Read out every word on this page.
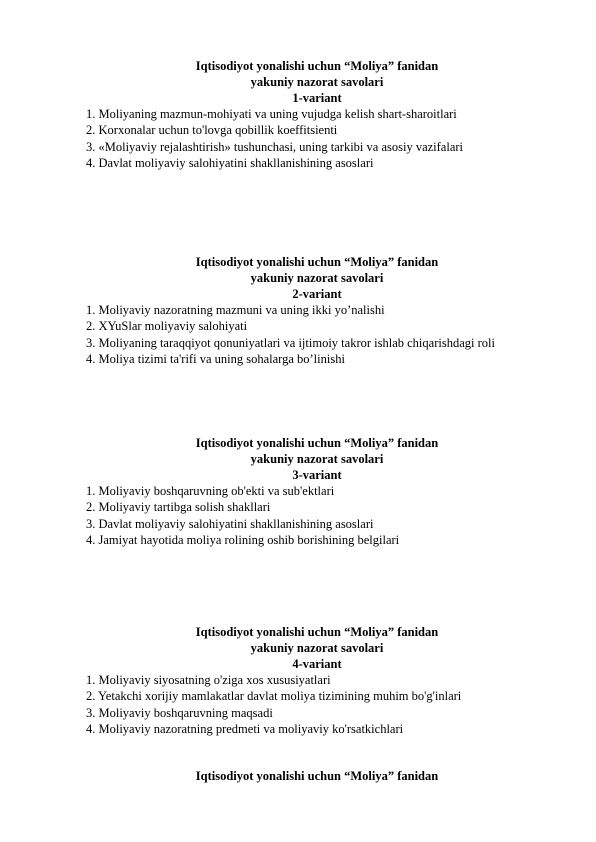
Iqtisodiyot yonalishi uchun “Moliya” fanidan
yakuniy nazorat savolari
1-variant
1. Moliyaning mazmun-mohiyati va uning vujudga kelish shart-sharoitlari
2. Korxonalar uchun to'lovga qobillik koeffitsienti
3. «Moliyaviy rejalashtirish» tushunchasi, uning tarkibi va asosiy vazifalari
4. Davlat moliyaviy salohiyatini shakllanishining asoslari
Iqtisodiyot yonalishi uchun “Moliya” fanidan
yakuniy nazorat savolari
2-variant
1. Moliyaviy nazoratning mazmuni va uning ikki yo’nalishi
2. XYuSlar moliyaviy salohiyati
3. Moliyaning taraqqiyot qonuniyatlari va ijtimoiy takror ishlab chiqarishdagi roli
4. Moliya tizimi ta'rifi va uning sohalarga bo’linishi
Iqtisodiyot yonalishi uchun “Moliya” fanidan
yakuniy nazorat savolari
3-variant
1. Moliyaviy boshqaruvning ob'ekti va sub'ektlari
2. Moliyaviy tartibga solish shakllari
3. Davlat moliyaviy salohiyatini shakllanishining asoslari
4. Jamiyat hayotida moliya rolining oshib borishining belgilari
Iqtisodiyot yonalishi uchun “Moliya” fanidan
yakuniy nazorat savolari
4-variant
1. Moliyaviy siyosatning o'ziga xos xususiyatlari
2. Yetakchi xorijiy mamlakatlar davlat moliya tizimining muhim bo'g'inlari
3. Moliyaviy boshqaruvning maqsadi
4. Moliyaviy nazoratning predmeti va moliyaviy ko'rsatkichlari
Iqtisodiyot yonalishi uchun “Moliya” fanidan
